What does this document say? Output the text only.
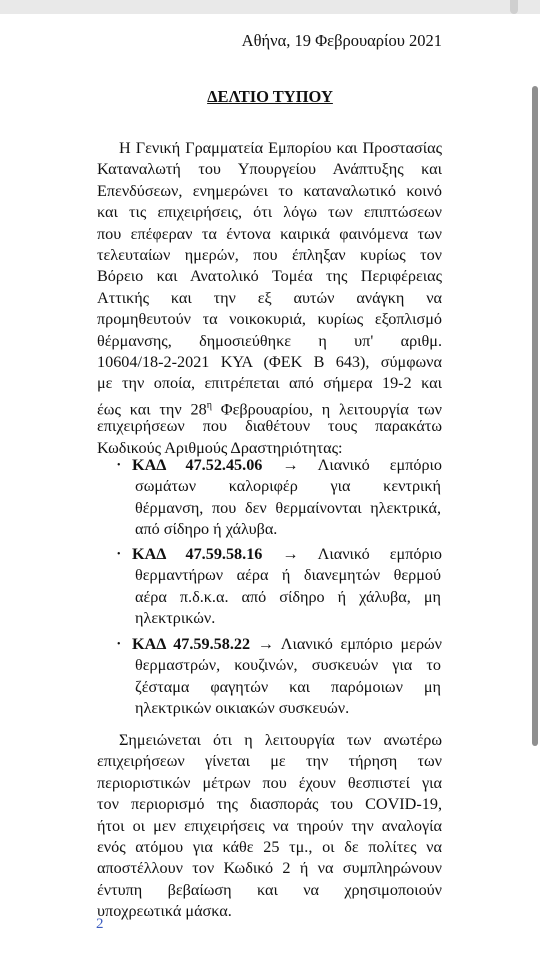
Αθήνα, 19 Φεβρουαρίου 2021
ΔΕΛΤΙΟ ΤΥΠΟΥ
Η Γενική Γραμματεία Εμπορίου και Προστασίας
Καταναλωτή του Υπουργείου Ανάπτυξης και
Επενδύσεων, ενημερώνει το καταναλωτικό κοινό
και τις επιχειρήσεις, ότι λόγω των επιπτώσεων
που επέφεραν τα έντονα καιρικά φαινόμενα των
τελευταίων ημερών, που έπληξαν κυρίως τον
Βόρειο και Ανατολικό Τομέα της Περιφέρειας
Αττικής και την εξ αυτών ανάγκη να
προμηθευτούν τα νοικοκυριά, κυρίως εξοπλισμό
θέρμανσης, δημοσιεύθηκε η υπ' αριθμ.
10604/18-2-2021 ΚΥΑ (ΦΕΚ Β 643), σύμφωνα
με την οποία, επιτρέπεται από σήμερα 19-2 και
έως και την $28^\eta$ Φεβρουαρίου, η λειτουργία των
επιχειρήσεων που διαθέτουν τους παρακάτω
Κωδικούς Αριθμούς Δραστηριότητας:
• ΚΑΔ 47.52.45.06 → Λιανικό εμπόριο
σωμάτων καλοριφέρ για κεντρική
θέρμανση, που δεν θερμαίνονται ηλεκτρικά,
από σίδηρο ή χάλυβα.
• ΚΑΔ 47.59.58.16 → Λιανικό εμπόριο
θερμαντήρων αέρα ή διανεμητών θερμού
αέρα π.δ.κ.α. από σίδηρο ή χάλυβα, μη
ηλεκτρικών.
• ΚΑΔ 47.59.58.22 → Λιανικό εμπόριο μερών
θερμαστρών, κουζινών, συσκευών για το
ζέσταμα φαγητών και παρόμοιων μη
ηλεκτρικών οικιακών συσκευών.
Σημειώνεται ότι η λειτουργία των ανωτέρω
επιχειρήσεων γίνεται με την τήρηση των
περιοριστικών μέτρων που έχουν θεσπιστεί για
τον περιορισμό της διασποράς του COVID-19,
ήτοι οι μεν επιχειρήσεις να τηρούν την αναλογία
ενός ατόμου για κάθε 25 τμ., οι δε πολίτες να
αποστέλλουν τον Κωδικό 2 ή να συμπληρώνουν
έντυπη βεβαίωση και να χρησιμοποιούν
υποχρεωτικά μάσκα.
2
